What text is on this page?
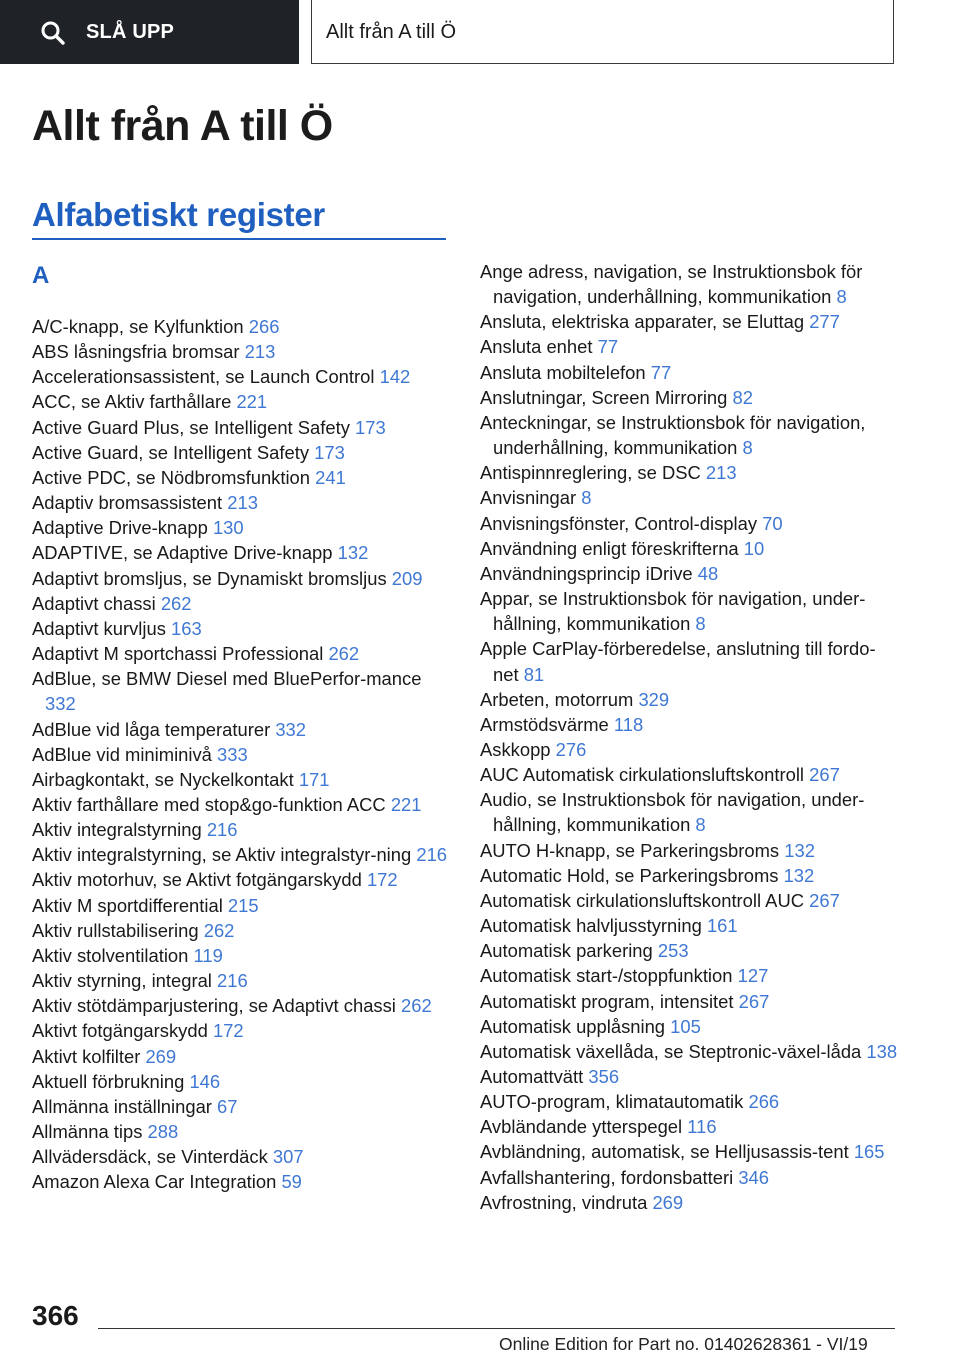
SLÅ UPP	Allt från A till Ö
Allt från A till Ö
Alfabetiskt register
A
A/C-knapp, se Kylfunktion 266
ABS låsningsfria bromsar 213
Accelerationsassistent, se Launch Control 142
ACC, se Aktiv farthållare 221
Active Guard Plus, se Intelligent Safety 173
Active Guard, se Intelligent Safety 173
Active PDC, se Nödbromsfunktion 241
Adaptiv bromsassistent 213
Adaptive Drive-knapp 130
ADAPTIVE, se Adaptive Drive-knapp 132
Adaptivt bromsljus, se Dynamiskt bromsljus 209
Adaptivt chassi 262
Adaptivt kurvljus 163
Adaptivt M sportchassi Professional 262
AdBlue, se BMW Diesel med BluePerfor‐mance 332
AdBlue vid låga temperaturer 332
AdBlue vid miniminivå 333
Airbagkontakt, se Nyckelkontakt 171
Aktiv farthållare med stop&go-funktion ACC 221
Aktiv integralstyrning 216
Aktiv integralstyrning, se Aktiv integralstyr‐ning 216
Aktiv motorhuv, se Aktivt fotgängarskydd 172
Aktiv M sportdifferential 215
Aktiv rullstabilisering 262
Aktiv stolventilation 119
Aktiv styrning, integral 216
Aktiv stötdämparjustering, se Adaptivt chassi 262
Aktivt fotgängarskydd 172
Aktivt kolfilter 269
Aktuell förbrukning 146
Allmänna inställningar 67
Allmänna tips 288
Allvädersdäck, se Vinterdäck 307
Amazon Alexa Car Integration 59
Ange adress, navigation, se Instruktionsbok för navigation, underhållning, kommunikation 8
Ansluta, elektriska apparater, se Eluttag 277
Ansluta enhet 77
Ansluta mobiltelefon 77
Anslutningar, Screen Mirroring 82
Anteckningar, se Instruktionsbok för navigation, underhållning, kommunikation 8
Antispinnreglering, se DSC 213
Anvisningar 8
Anvisningsfönster, Control-display 70
Användning enligt föreskrifterna 10
Användningsprincip iDrive 48
Appar, se Instruktionsbok för navigation, under‐hållning, kommunikation 8
Apple CarPlay-förberedelse, anslutning till fordo‐net 81
Arbeten, motorrum 329
Armstödsvärme 118
Askkopp 276
AUC Automatisk cirkulationsluftskontroll 267
Audio, se Instruktionsbok för navigation, under‐hållning, kommunikation 8
AUTO H-knapp, se Parkeringsbroms 132
Automatic Hold, se Parkeringsbroms 132
Automatisk cirkulationsluftskontroll AUC 267
Automatisk halvljusstyrning 161
Automatisk parkering 253
Automatisk start-/stoppfunktion 127
Automatiskt program, intensitet 267
Automatisk upplåsning 105
Automatisk växellåda, se Steptronic-växel‐låda 138
Automattvätt 356
AUTO-program, klimatautomatik 266
Avbländande ytterspegel 116
Avbländning, automatisk, se Helljusassis‐tent 165
Avfallshantering, fordonsbatteri 346
Avfrostning, vindruta 269
366
Online Edition for Part no. 01402628361 - VI/19
